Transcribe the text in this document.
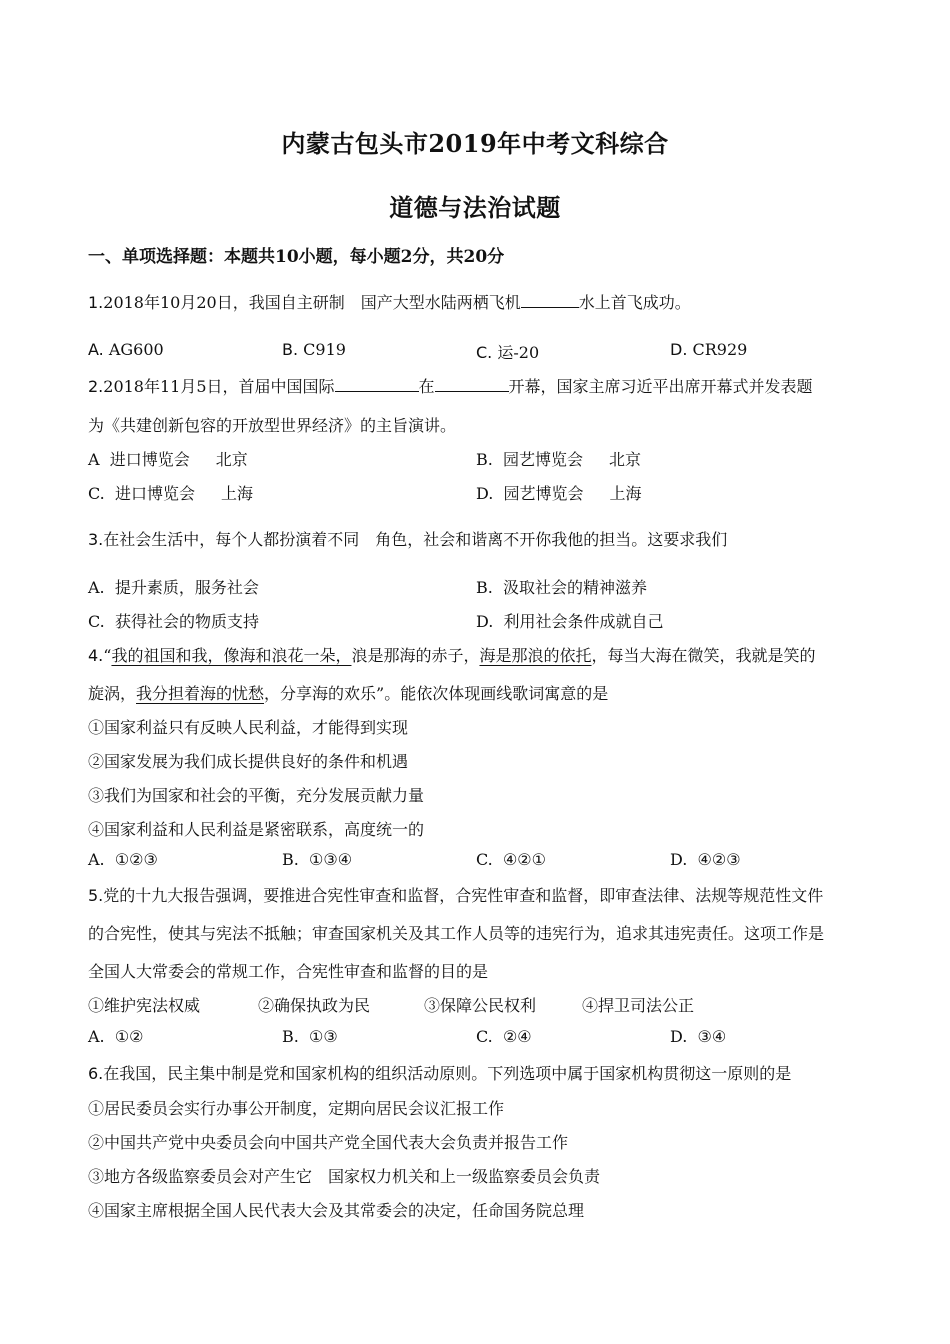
内蒙古包头市2019年中考文科综合
道德与法治试题
一、单项选择题：本题共10小题，每小题2分，共20分
1.2018年10月20日，我国自主研制 国产大型水陆两栖飞机	水上首飞成功。
A. AG600	B. C919	C. 运-20	D. CR929
2.2018年11月5日，首届中国国际	在	开幕，国家主席习近平出席开幕式并发表题
为《共建创新包容的开放型世界经济》的主旨演讲。
A 进口博览会 北京	B. 园艺博览会 北京
C. 进口博览会 上海	D. 园艺博览会 上海
3.在社会生活中，每个人都扮演着不同 角色，社会和谐离不开你我他的担当。这要求我们
A. 提升素质，服务社会	B. 汲取社会的精神滋养
C. 获得社会的物质支持	D. 利用社会条件成就自己
4.“我的祖国和我，像海和浪花一朵，浪是那海的赤子，海是那浪的依托，每当大海在微笑，我就是笑的
旋涡，我分担着海的忧愁，分享海的欢乐”。能依次体现画线歌词寓意的是
①国家利益只有反映人民利益，才能得到实现
②国家发展为我们成长提供良好的条件和机遇
③我们为国家和社会的平衡，充分发展贡献力量
④国家利益和人民利益是紧密联系，高度统一的
A. ①②③	B. ①③④	C. ④②①	D. ④②③
5.党的十九大报告强调，要推进合宪性审查和监督，合宪性审查和监督，即审查法律、法规等规范性文件
的合宪性，使其与宪法不抵触；审查国家机关及其工作人员等的违宪行为，追求其违宪责任。这项工作是
全国人大常委会的常规工作，合宪性审查和监督的目的是
①维护宪法权威	②确保执政为民	③保障公民权利	④捍卫司法公正
A. ①②	B. ①③	C. ②④	D. ③④
6.在我国，民主集中制是党和国家机构的组织活动原则。下列选项中属于国家机构贯彻这一原则的是
①居民委员会实行办事公开制度，定期向居民会议汇报工作
②中国共产党中央委员会向中国共产党全国代表大会负责并报告工作
③地方各级监察委员会对产生它 国家权力机关和上一级监察委员会负责
④国家主席根据全国人民代表大会及其常委会的决定，任命国务院总理
